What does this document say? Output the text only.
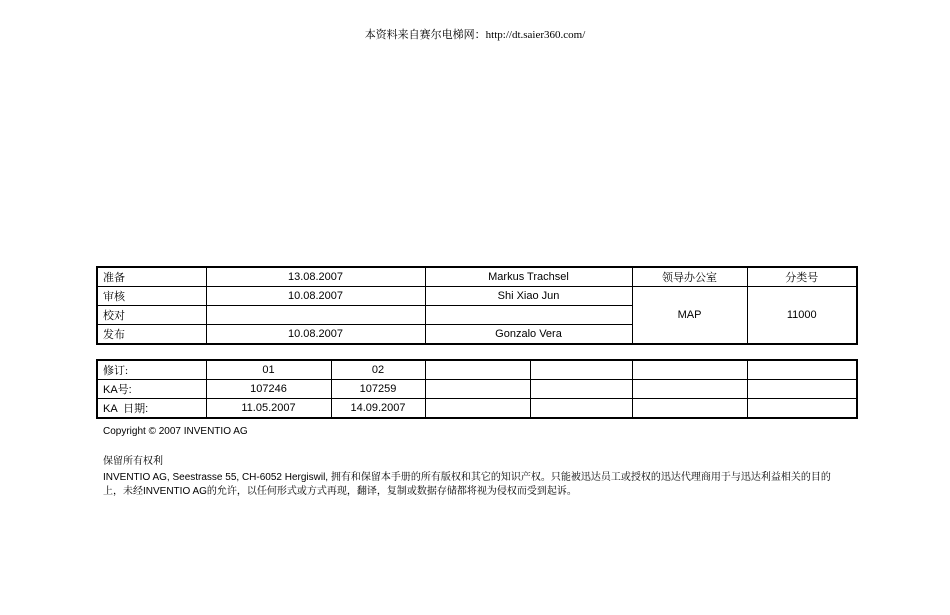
本资料来自赛尔电梯网：http://dt.saier360.com/
准备	13.08.2007	Markus Trachsel	领导办公室	分类号
审核	10.08.2007	Shi Xiao Jun	MAP	11000
校对				
发布	10.08.2007	Gonzalo Vera		
修订:	01	02				
KA号:	107246	107259				
KA  日期:	11.05.2007	14.09.2007				
Copyright © 2007 INVENTIO AG
保留所有权利
INVENTIO AG, Seestrasse 55, CH-6052 Hergiswil, 拥有和保留本手册的所有版权和其它的知识产权。只能被迅达员工或授权的迅达代理商用于与迅达利益相关的目的上，未经INVENTIO AG的允许，以任何形式或方式再现，翻译，复制或数据存储都将视为侵权而受到起诉。
